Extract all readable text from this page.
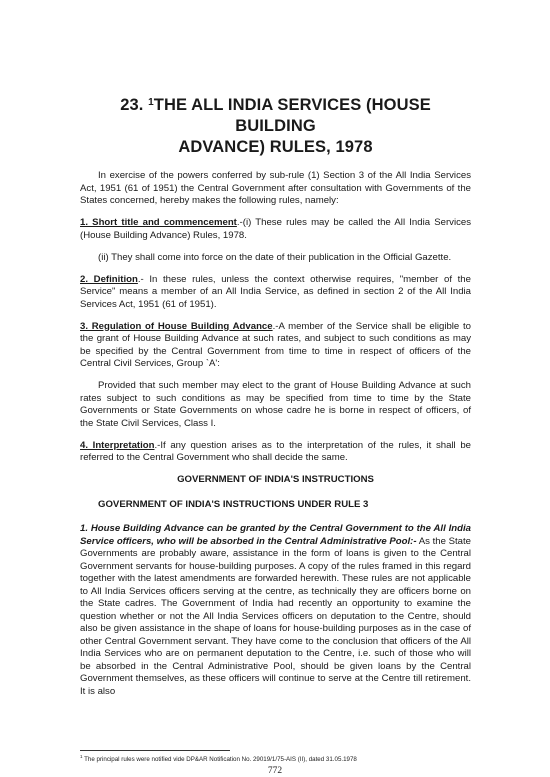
23. $^1$THE ALL INDIA SERVICES (HOUSE BUILDING
ADVANCE) RULES, 1978

In exercise of the powers conferred by sub-rule (1) Section 3 of the All India Services Act, 1951 (61 of 1951) the Central Government after consultation with Governments of the States concerned, hereby makes the following rules, namely:

1. Short title and commencement.-(i) These rules may be called the All India Services (House Building Advance) Rules, 1978.

(ii) They shall come into force on the date of their publication in the Official Gazette.

2. Definition.- In these rules, unless the context otherwise requires, "member of the Service" means a member of an All India Service, as defined in section 2 of the All India Services Act, 1951 (61 of 1951).

3. Regulation of House Building Advance.-A member of the Service shall be eligible to the grant of House Building Advance at such rates, and subject to such conditions as may be specified by the Central Government from time to time in respect of officers of the Central Civil Services, Group `A':

Provided that such member may elect to the grant of House Building Advance at such rates subject to such conditions as may be specified from time to time by the State Governments or State Governments on whose cadre he is borne in respect of officers, of the State Civil Services, Class I.

4. Interpretation.-If any question arises as to the interpretation of the rules, it shall be referred to the Central Government who shall decide the same.

GOVERNMENT OF INDIA'S INSTRUCTIONS
GOVERNMENT OF INDIA'S INSTRUCTIONS UNDER RULE 3

1. House Building Advance can be granted by the Central Government to the All India Service officers, who will be absorbed in the Central Administrative Pool:- As the State Governments are probably aware, assistance in the form of loans is given to the Central Government servants for house-building purposes. A copy of the rules framed in this regard together with the latest amendments are forwarded herewith. These rules are not applicable to All India Services officers serving at the centre, as technically they are officers borne on the State cadres. The Government of India had recently an opportunity to examine the question whether or not the All India Services officers on deputation to the Centre, should also be given assistance in the shape of loans for house-building purposes as in the case of other Central Government servant. They have come to the conclusion that officers of the All India Services who are on permanent deputation to the Centre, i.e. such of those who will be absorbed in the Central Administrative Pool, should be given loans by the Central Government themselves, as these officers will continue to serve at the Centre till retirement. It is also

$^1$ The principal rules were notified vide DP&AR Notification No. 29019/1/75-AIS (II), dated 31.05.1978
772
